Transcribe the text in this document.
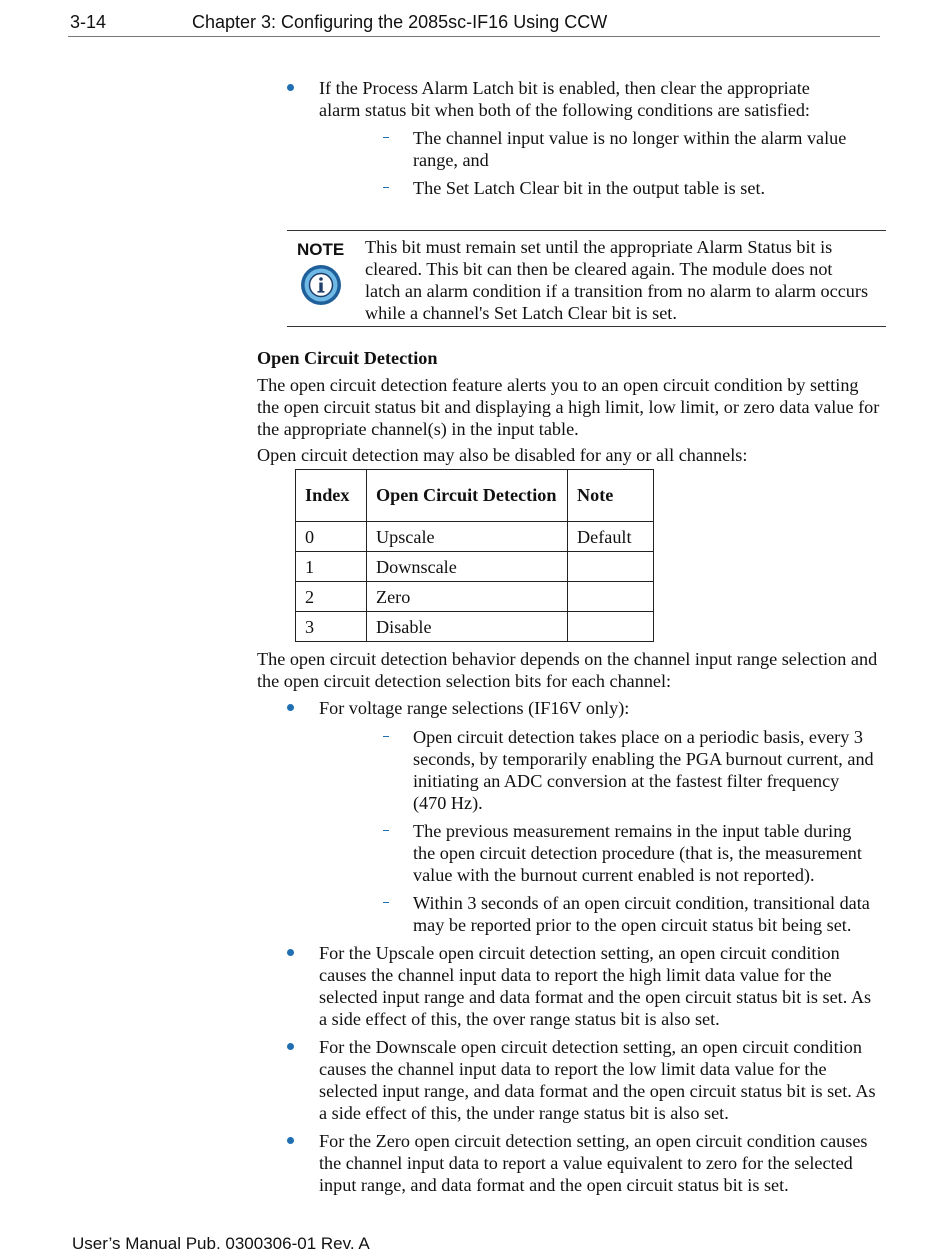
3-14	Chapter 3: Configuring the 2085sc-IF16 Using CCW
If the Process Alarm Latch bit is enabled, then clear the appropriate alarm status bit when both of the following conditions are satisfied:
The channel input value is no longer within the alarm value range, and
The Set Latch Clear bit in the output table is set.
NOTE This bit must remain set until the appropriate Alarm Status bit is cleared. This bit can then be cleared again. The module does not latch an alarm condition if a transition from no alarm to alarm occurs while a channel's Set Latch Clear bit is set.
Open Circuit Detection
The open circuit detection feature alerts you to an open circuit condition by setting the open circuit status bit and displaying a high limit, low limit, or zero data value for the appropriate channel(s) in the input table.
Open circuit detection may also be disabled for any or all channels:
Index	Open Circuit Detection	Note
0	Upscale	Default
1	Downscale	
2	Zero	
3	Disable	
The open circuit detection behavior depends on the channel input range selection and the open circuit detection selection bits for each channel:
For voltage range selections (IF16V only):
Open circuit detection takes place on a periodic basis, every 3 seconds, by temporarily enabling the PGA burnout current, and initiating an ADC conversion at the fastest filter frequency (470 Hz).
The previous measurement remains in the input table during the open circuit detection procedure (that is, the measurement value with the burnout current enabled is not reported).
Within 3 seconds of an open circuit condition, transitional data may be reported prior to the open circuit status bit being set.
For the Upscale open circuit detection setting, an open circuit condition causes the channel input data to report the high limit data value for the selected input range and data format and the open circuit status bit is set. As a side effect of this, the over range status bit is also set.
For the Downscale open circuit detection setting, an open circuit condition causes the channel input data to report the low limit data value for the selected input range, and data format and the open circuit status bit is set. As a side effect of this, the under range status bit is also set.
For the Zero open circuit detection setting, an open circuit condition causes the channel input data to report a value equivalent to zero for the selected input range, and data format and the open circuit status bit is set.
User’s Manual Pub. 0300306-01 Rev. A
